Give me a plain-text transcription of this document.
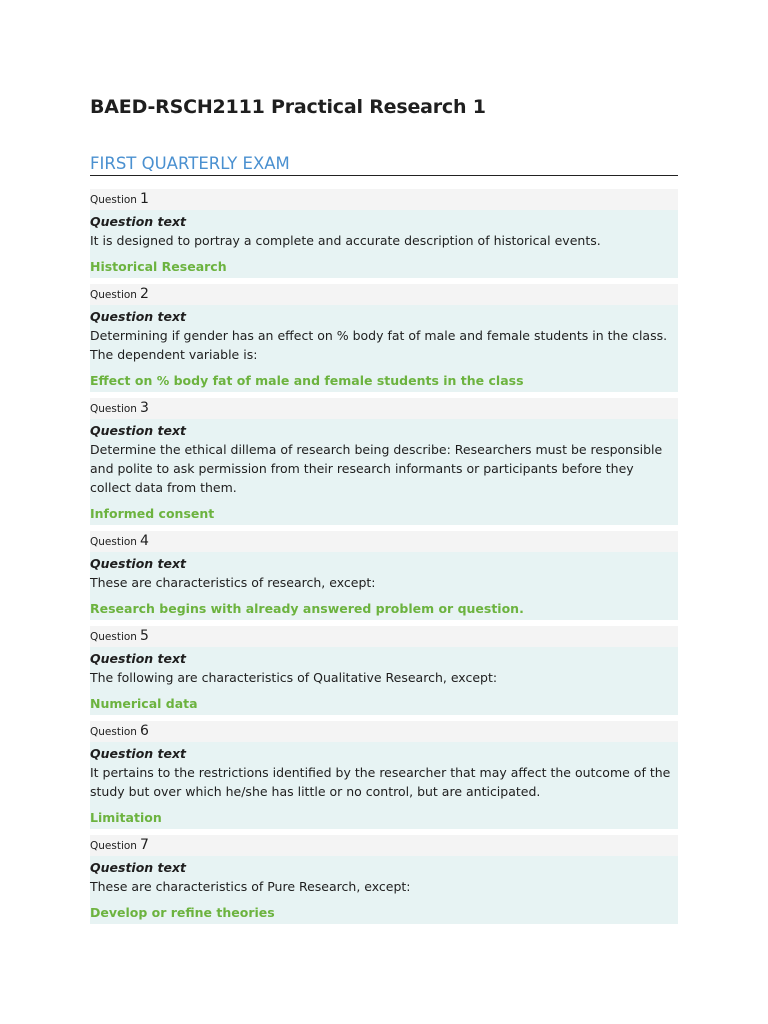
BAED-RSCH2111 Practical Research 1
FIRST QUARTERLY EXAM
Question 1
Question text
It is designed to portray a complete and accurate description of historical events.
Historical Research
Question 2
Question text
Determining if gender has an effect on % body fat of male and female students in the class. The dependent variable is:
Effect on % body fat of male and female students in the class
Question 3
Question text
Determine the ethical dillema of research being describe: Researchers must be responsible and polite to ask permission from their research informants or participants before they collect data from them.
Informed consent
Question 4
Question text
These are characteristics of research, except:
Research begins with already answered problem or question.
Question 5
Question text
The following are characteristics of Qualitative Research, except:
Numerical data
Question 6
Question text
It pertains to the restrictions identified by the researcher that may affect the outcome of the study but over which he/she has little or no control, but are anticipated.
Limitation
Question 7
Question text
These are characteristics of Pure Research, except:
Develop or refine theories
